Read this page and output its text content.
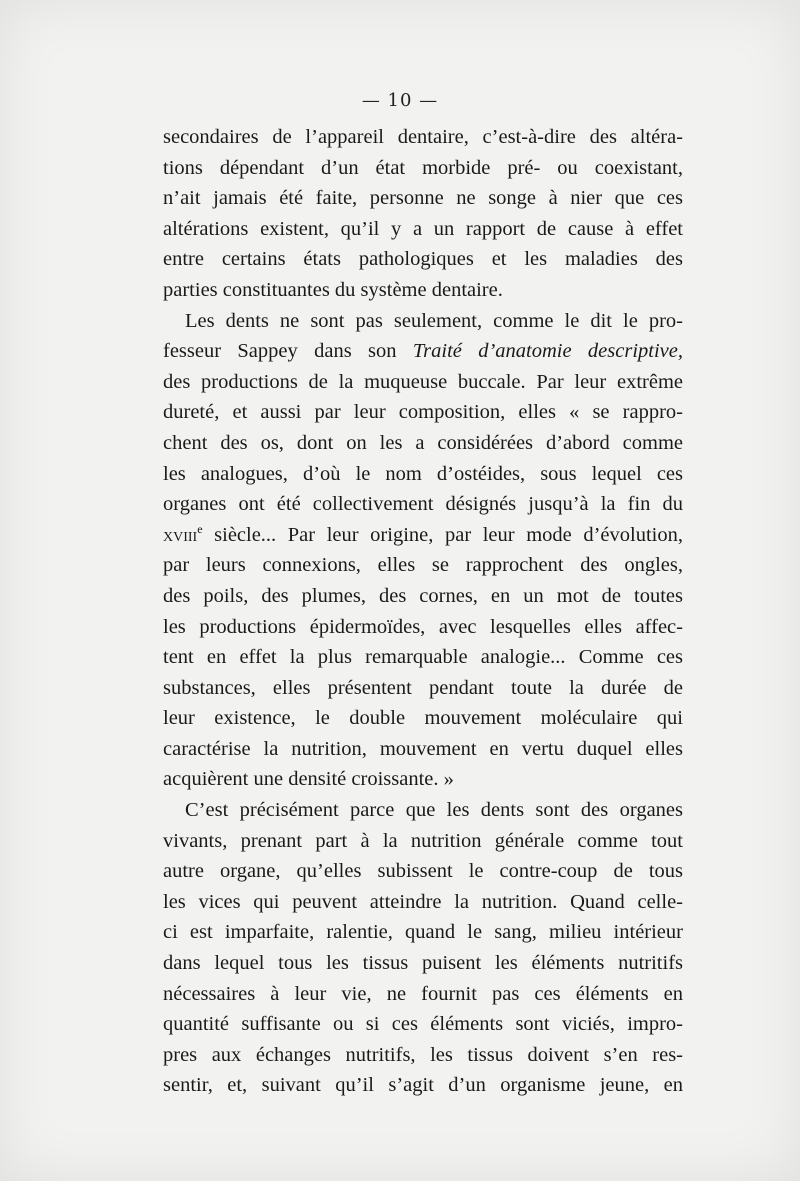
— 10 —
secondaires de l’appareil dentaire, c’est-à-dire des altéra-
tions dépendant d’un état morbide pré- ou coexistant,
n’ait jamais été faite, personne ne songe à nier que ces
altérations existent, qu’il y a un rapport de cause à effet
entre certains états pathologiques et les maladies des
parties constituantes du système dentaire.
Les dents ne sont pas seulement, comme le dit le pro-
fesseur Sappey dans son Traité d’anatomie descriptive,
des productions de la muqueuse buccale. Par leur extrême
dureté, et aussi par leur composition, elles « se rappro-
chent des os, dont on les a considérées d’abord comme
les analogues, d’où le nom d’ostéides, sous lequel ces
organes ont été collectivement désignés jusqu’à la fin du
xviii$^e$ siècle... Par leur origine, par leur mode d’évolution,
par leurs connexions, elles se rapprochent des ongles,
des poils, des plumes, des cornes, en un mot de toutes
les productions épidermoïdes, avec lesquelles elles affec-
tent en effet la plus remarquable analogie... Comme ces
substances, elles présentent pendant toute la durée de
leur existence, le double mouvement moléculaire qui
caractérise la nutrition, mouvement en vertu duquel elles
acquièrent une densité croissante. »
C’est précisément parce que les dents sont des organes
vivants, prenant part à la nutrition générale comme tout
autre organe, qu’elles subissent le contre-coup de tous
les vices qui peuvent atteindre la nutrition. Quand celle-
ci est imparfaite, ralentie, quand le sang, milieu intérieur
dans lequel tous les tissus puisent les éléments nutritifs
nécessaires à leur vie, ne fournit pas ces éléments en
quantité suffisante ou si ces éléments sont viciés, impro-
pres aux échanges nutritifs, les tissus doivent s’en res-
sentir, et, suivant qu’il s’agit d’un organisme jeune, en
